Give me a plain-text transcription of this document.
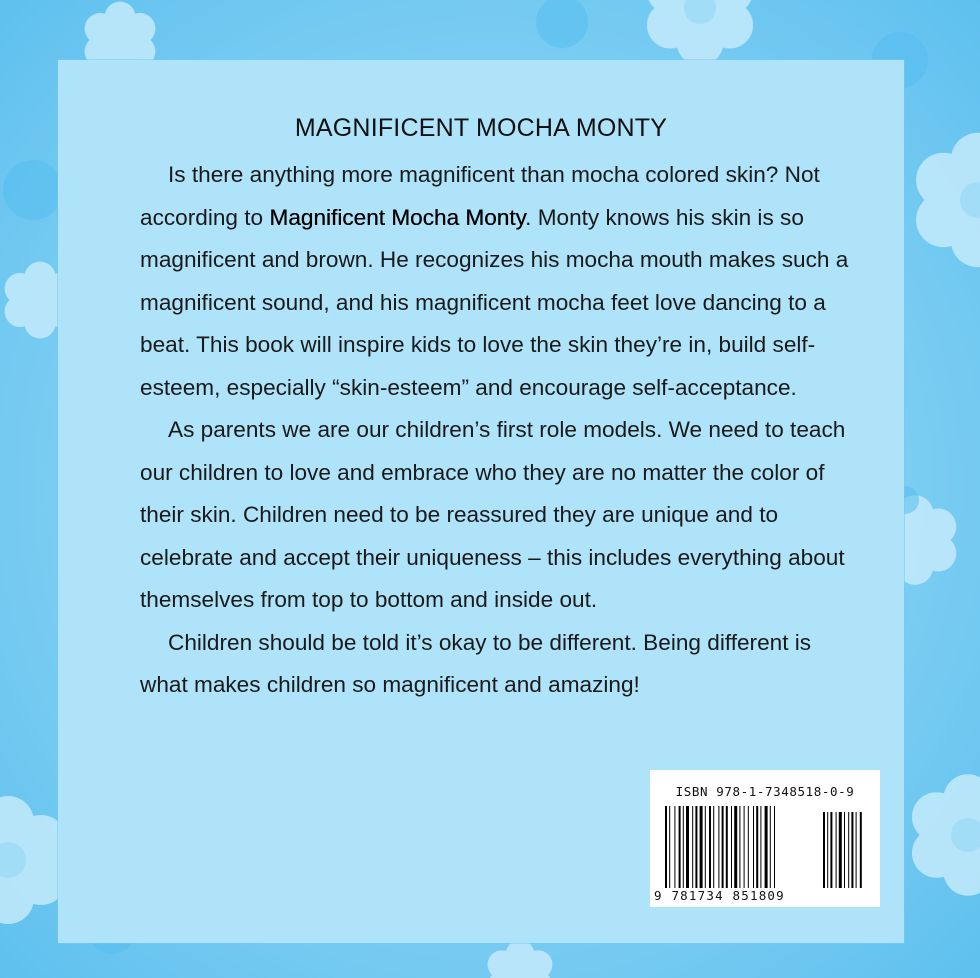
MAGNIFICENT MOCHA MONTY

Is there anything more magnificent than mocha colored skin? Not according to Magnificent Mocha Monty. Monty knows his skin is so magnificent and brown. He recognizes his mocha mouth makes such a magnificent sound, and his magnificent mocha feet love dancing to a beat. This book will inspire kids to love the skin they’re in, build self-esteem, especially “skin-esteem” and encourage self-acceptance.

As parents we are our children’s first role models. We need to teach our children to love and embrace who they are no matter the color of their skin. Children need to be reassured they are unique and to celebrate and accept their uniqueness – this includes everything about themselves from top to bottom and inside out.

Children should be told it’s okay to be different. Being different is what makes children so magnificent and amazing!

ISBN 978-1-7348518-0-9
9 781734 851809
